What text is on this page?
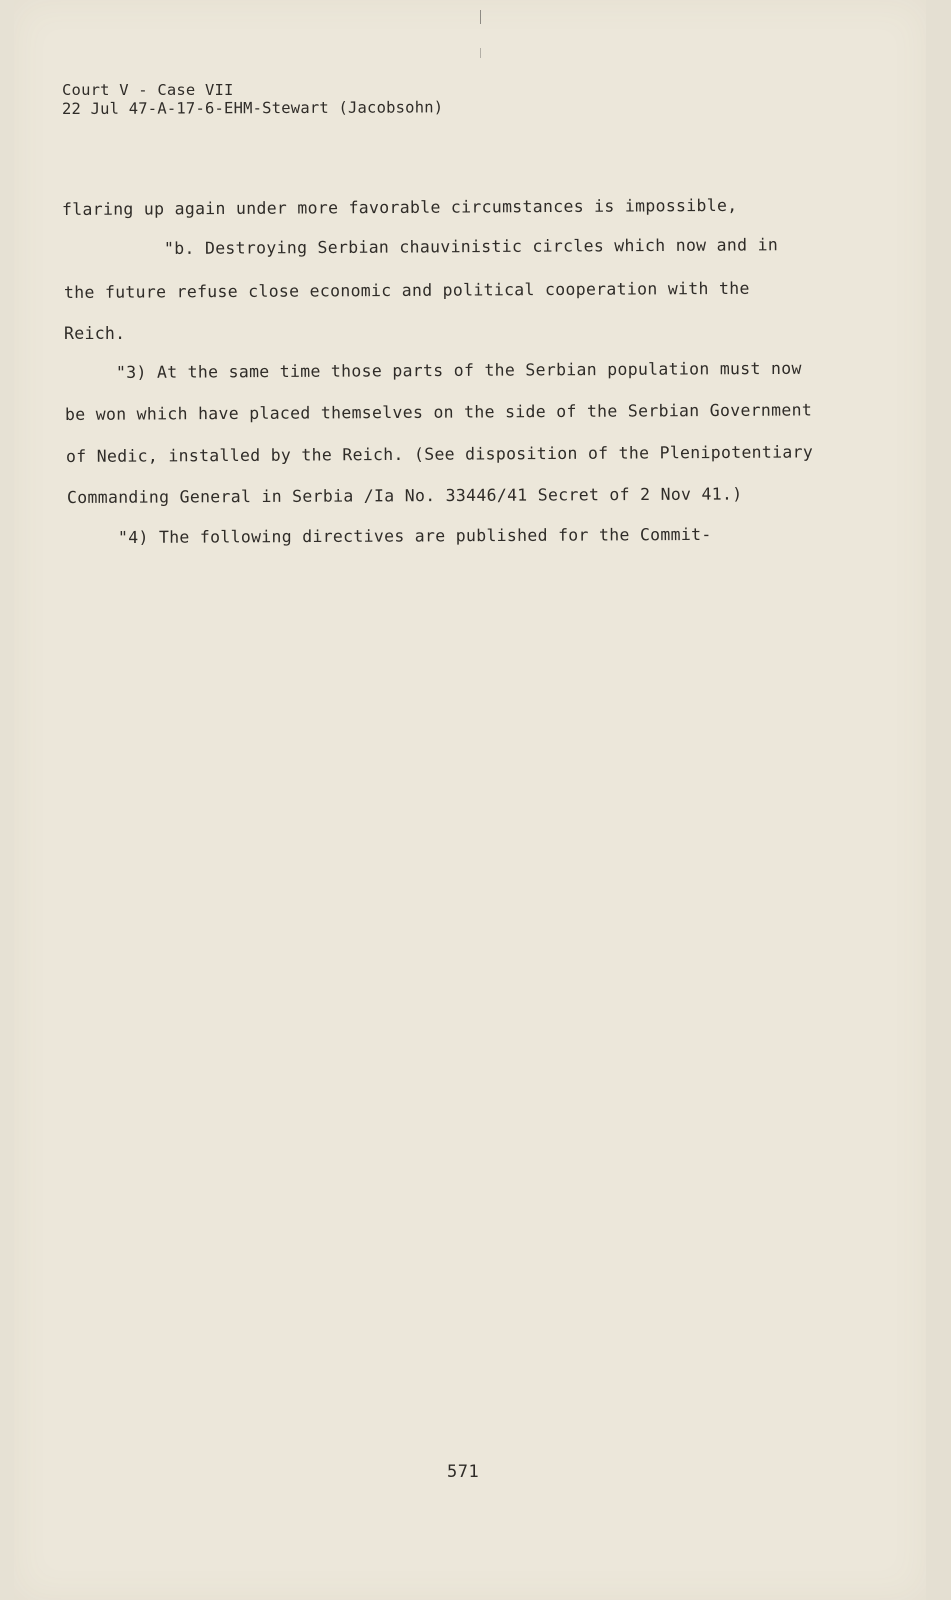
Court V - Case VII
22 Jul 47-A-17-6-EHM-Stewart (Jacobsohn)
flaring up again under more favorable circumstances is impossible,
"b. Destroying Serbian chauvinistic circles which now and in
the future refuse close economic and political cooperation with the
Reich.
"3) At the same time those parts of the Serbian population must now
be won which have placed themselves on the side of the Serbian Government
of Nedic, installed by the Reich. (See disposition of the Plenipotentiary
Commanding General in Serbia /Ia No. 33446/41 Secret of 2 Nov 41.)
"4) The following directives are published for the Commit-
571
